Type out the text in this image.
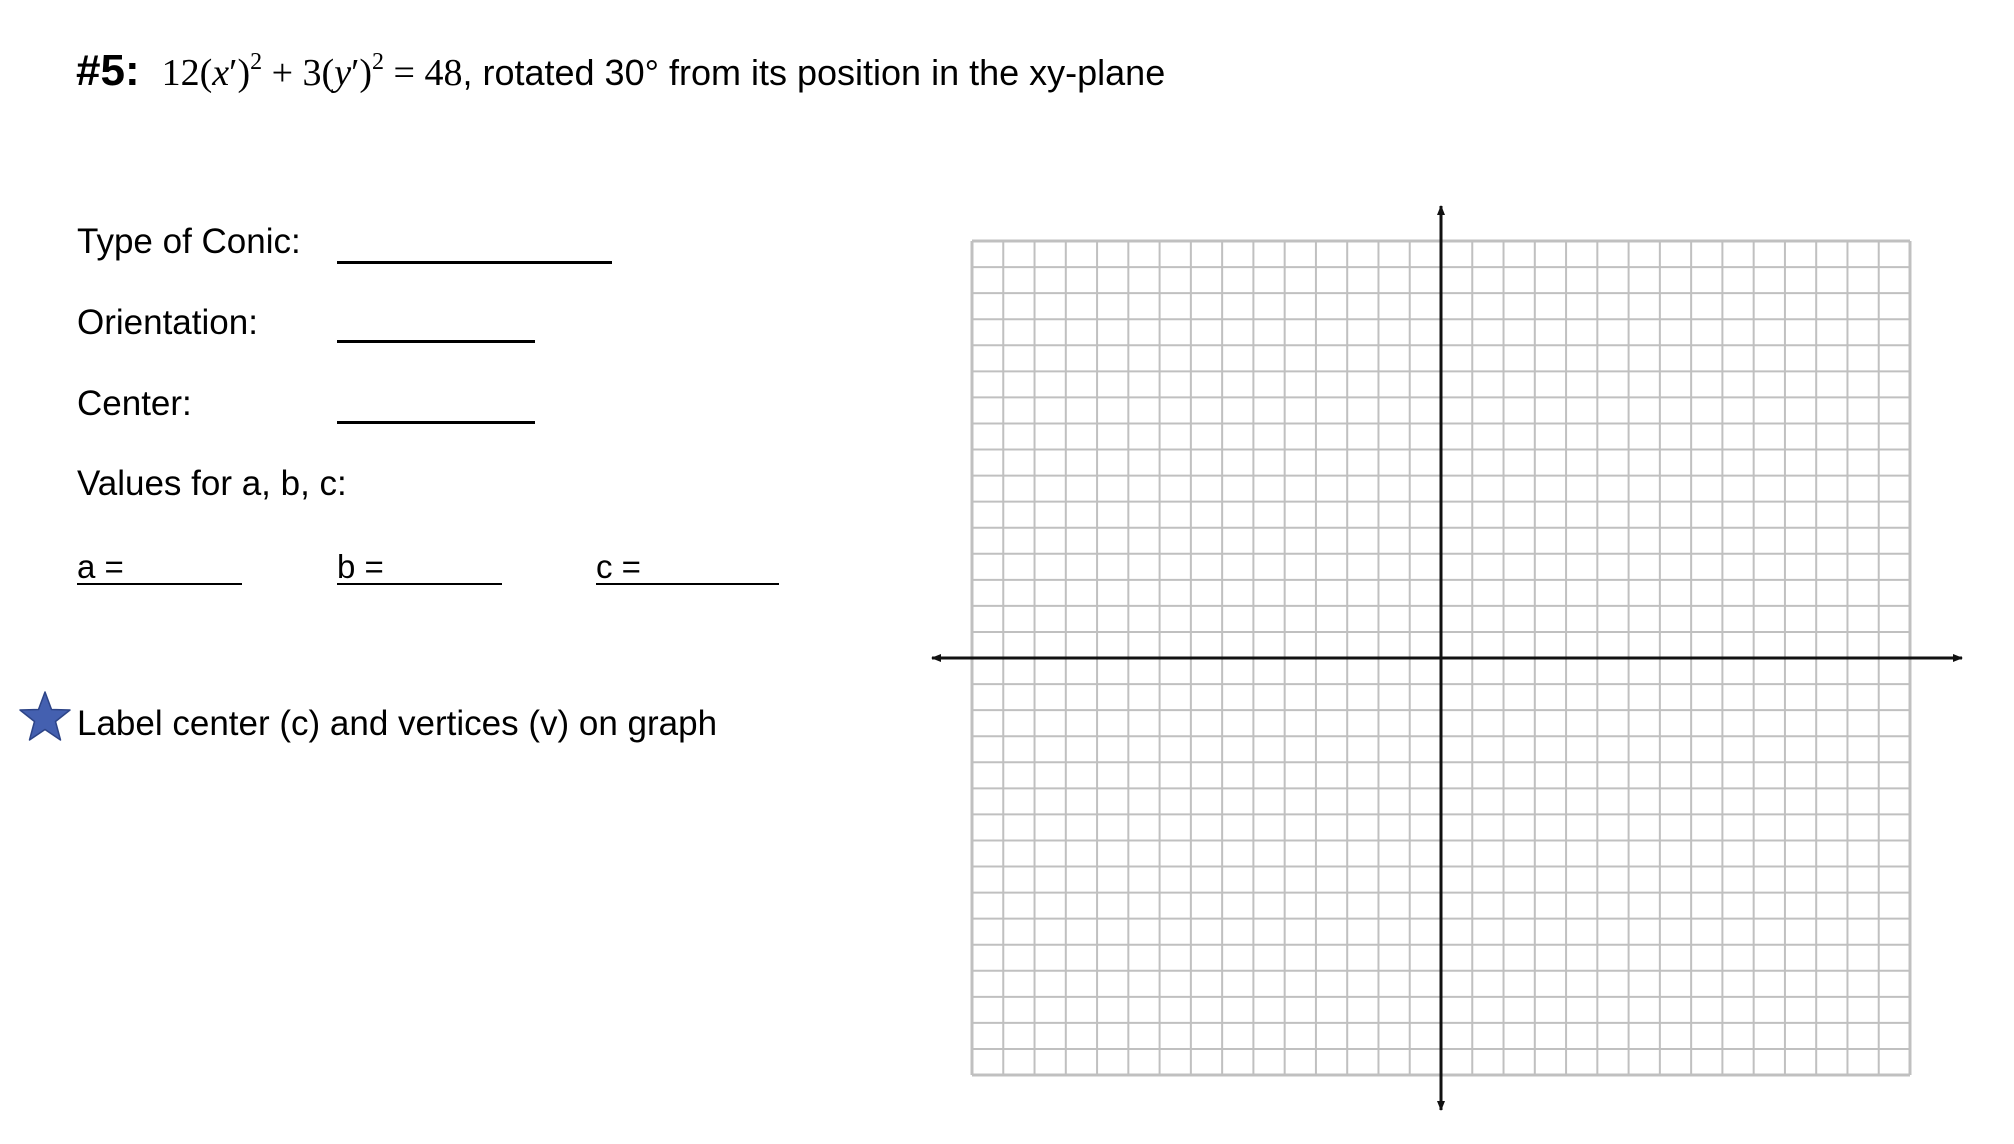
#5: $12(x')^2 + 3(y')^2 = 48$ , rotated 30° from its position in the xy-plane
Type of Conic:
Orientation:
Center:
Values for a, b, c:
a =	b =	c =
Label center (c) and vertices (v) on graph
